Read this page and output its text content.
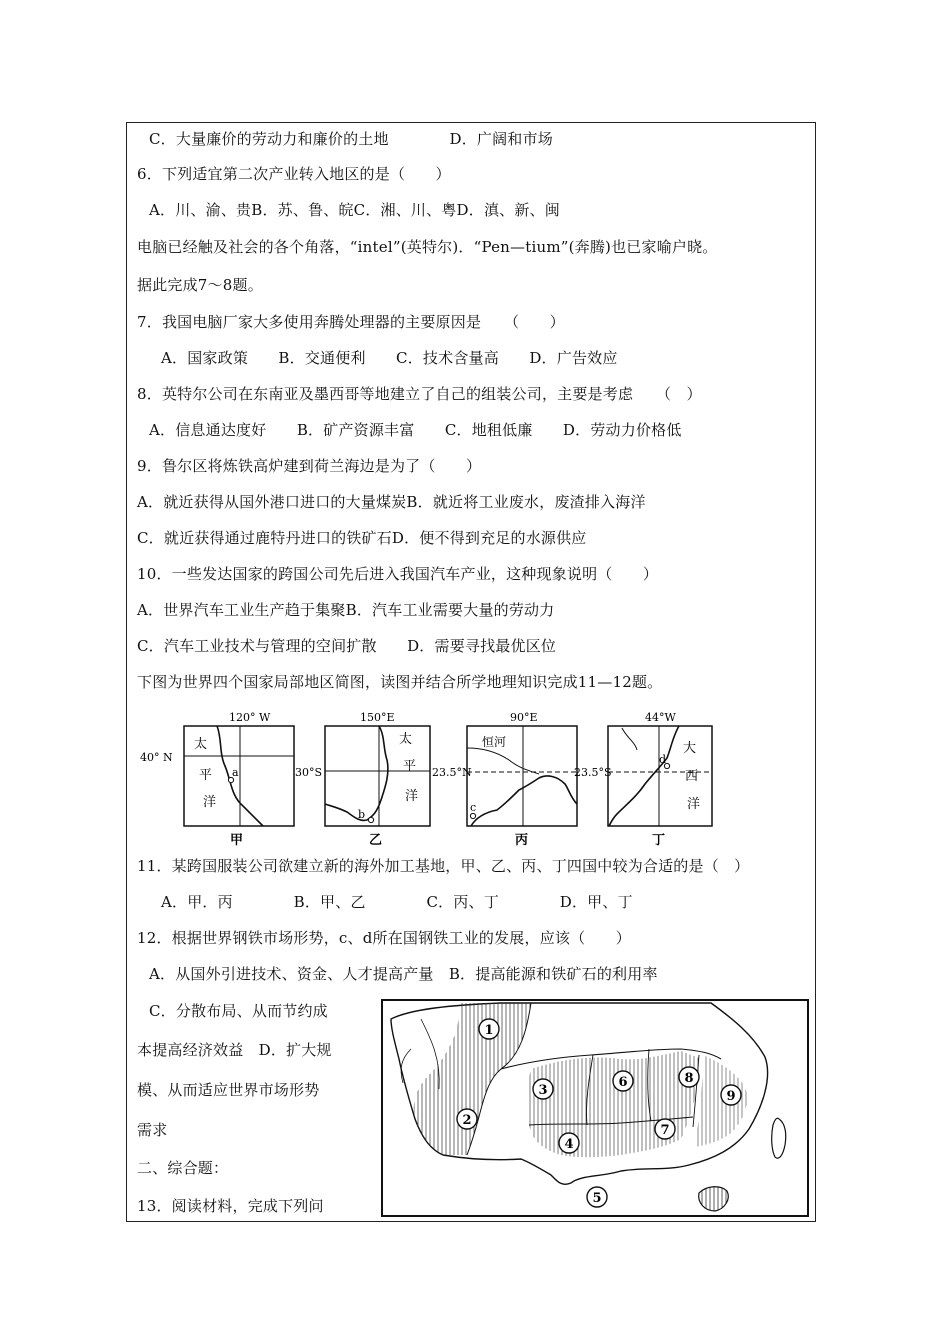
C．大量廉价的劳动力和廉价的土地　　　　D．广阔和市场
6．下列适宜第二次产业转入地区的是（　　）
A．川、渝、贵B．苏、鲁、皖C．湘、川、粤D．滇、新、闽
电脑已经触及社会的各个角落，“intel”(英特尔)．“Pen—tium”(奔腾)也已家喻户晓。
据此完成7～8题。
7．我国电脑厂家大多使用奔腾处理器的主要原因是　　（　　）
A．国家政策　　B．交通便利　　C．技术含量高　　D．广告效应
8．英特尔公司在东南亚及墨西哥等地建立了自己的组装公司，主要是考虑　　（　）
A．信息通达度好　　B．矿产资源丰富　　C．地租低廉　　D．劳动力价格低
9．鲁尔区将炼铁高炉建到荷兰海边是为了（　　）
A．就近获得从国外港口进口的大量煤炭B．就近将工业废水，废渣排入海洋
C．就近获得通过鹿特丹进口的铁矿石D．便不得到充足的水源供应
10．一些发达国家的跨国公司先后进入我国汽车产业，这种现象说明（　　）
A．世界汽车工业生产趋于集聚B．汽车工业需要大量的劳动力
C．汽车工业技术与管理的空间扩散　　D．需要寻找最优区位
下图为世界四个国家局部地区简图，读图并结合所学地理知识完成11—12题。
120° W
40° N
a
太
平
洋
甲
150°E
30°S
b
太
平
洋
乙
90°E
23.5°N
c
恒河
丙
44°W
23.5°S
d
大
西
洋
丁
11．某跨国服装公司欲建立新的海外加工基地，甲、乙、丙、丁四国中较为合适的是（　）
A．甲．丙　　　　B．甲、乙　　　　C．丙、丁　　　　D．甲、丁
12．根据世界钢铁市场形势，c、d所在国钢铁工业的发展，应该（　　）
A．从国外引进技术、资金、人才提高产量　B．提高能源和铁矿石的利用率
C．分散布局、从而节约成
本提高经济效益　D．扩大规
模、从而适应世界市场形势
需求
二、综合题：
13．阅读材料，完成下列问
1
2
3
4
5
6
7
8
9
